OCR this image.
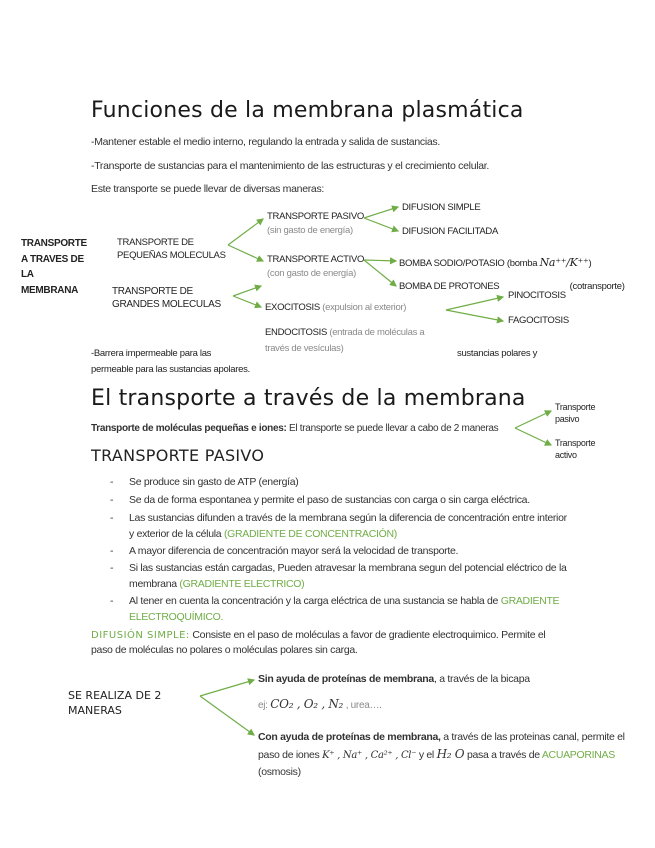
Funciones de la membrana plasmática
-Mantener estable el medio interno, regulando la entrada y salida de sustancias.
-Transporte de sustancias para el mantenimiento de las estructuras y el crecimiento celular.
Este transporte se puede llevar de diversas maneras:
TRANSPORTE
A TRAVES DE
LA
MEMBRANA
TRANSPORTE DE
PEQUEÑAS MOLECULAS
TRANSPORTE DE
GRANDES MOLECULAS
TRANSPORTE PASIVO
(sin gasto de energía)
TRANSPORTE ACTIVO
(con gasto de energía)
DIFUSION SIMPLE
DIFUSION FACILITADA
BOMBA SODIO/POTASIO (bomba Na⁺⁺/K⁺⁺)
BOMBA DE PROTONES	(cotransporte)
EXOCITOSIS (expulsion al exterior)
ENDOCITOSIS (entrada de moléculas a
través de vesículas)
PINOCITOSIS
FAGOCITOSIS
-Barrera impermeable para las	sustancias polares y
permeable para las sustancias apolares.
El transporte a través de la membrana
Transporte de moléculas pequeñas e iones: El transporte se puede llevar a cabo de 2 maneras
Transporte
pasivo
Transporte
activo
TRANSPORTE PASIVO
- Se produce sin gasto de ATP (energía)
- Se da de forma espontanea y permite el paso de sustancias con carga o sin carga eléctrica.
- Las sustancias difunden a través de la membrana según la diferencia de concentración entre interior
y exterior de la célula (GRADIENTE DE CONCENTRACIÓN)
- A mayor diferencia de concentración mayor será la velocidad de transporte.
- Si las sustancias están cargadas, Pueden atravesar la membrana segun del potencial eléctrico de la
membrana (GRADIENTE ELECTRICO)
- Al tener en cuenta la concentración y la carga eléctrica de una sustancia se habla de GRADIENTE
ELECTROQUÍMICO.
DIFUSIÓN SIMPLE: Consiste en el paso de moléculas a favor de gradiente electroquimico. Permite el
paso de moléculas no polares o moléculas polares sin carga.
SE REALIZA DE 2
MANERAS
Sin ayuda de proteínas de membrana, a través de la bicapa
ej: CO₂ , O₂ , N₂ , urea….
Con ayuda de proteínas de membrana, a través de las proteinas canal, permite el
paso de iones K⁺ , Na⁺ , Ca²⁺ , Cl⁻ y el H₂ O pasa a través de ACUAPORINAS
(osmosis)
